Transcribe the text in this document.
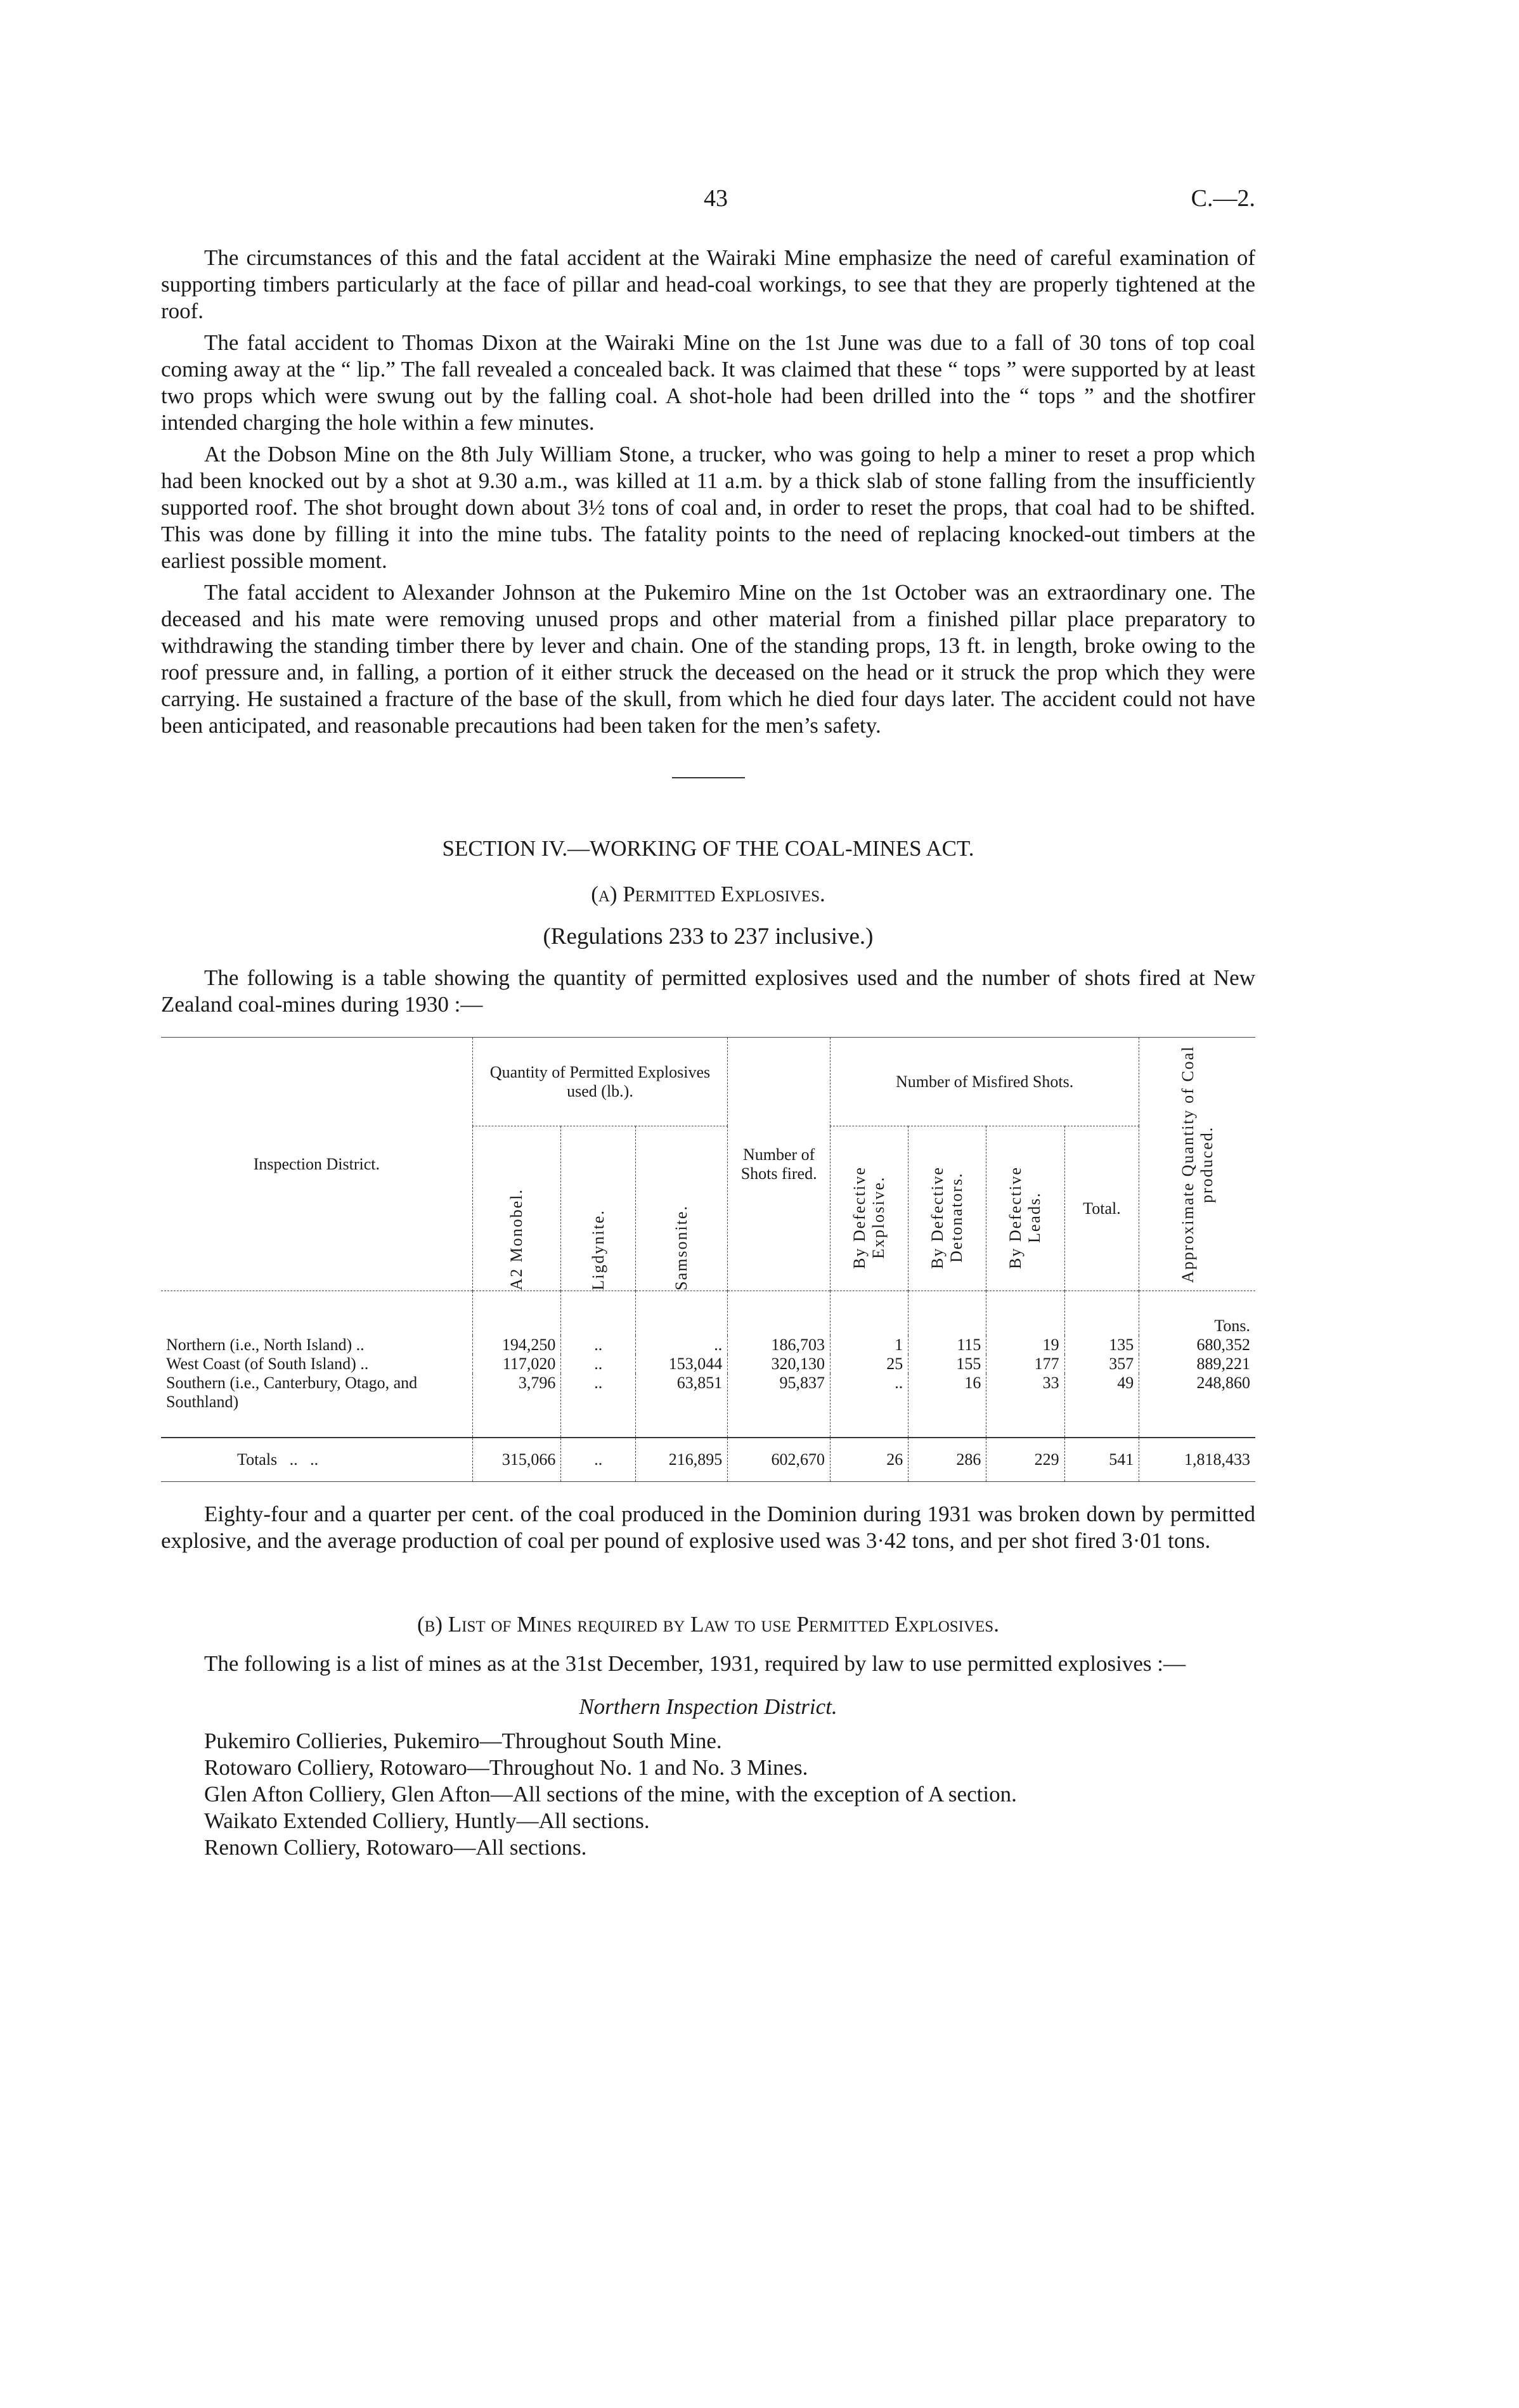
43	C.—2.

The circumstances of this and the fatal accident at the Wairaki Mine emphasize the need of careful examination of supporting timbers particularly at the face of pillar and head-coal workings, to see that they are properly tightened at the roof.

The fatal accident to Thomas Dixon at the Wairaki Mine on the 1st June was due to a fall of 30 tons of top coal coming away at the “ lip.” The fall revealed a concealed back. It was claimed that these “ tops ” were supported by at least two props which were swung out by the falling coal. A shot-hole had been drilled into the “ tops ” and the shotfirer intended charging the hole within a few minutes.

At the Dobson Mine on the 8th July William Stone, a trucker, who was going to help a miner to reset a prop which had been knocked out by a shot at 9.30 a.m., was killed at 11 a.m. by a thick slab of stone falling from the insufficiently supported roof. The shot brought down about 3½ tons of coal and, in order to reset the props, that coal had to be shifted. This was done by filling it into the mine tubs. The fatality points to the need of replacing knocked-out timbers at the earliest possible moment.

The fatal accident to Alexander Johnson at the Pukemiro Mine on the 1st October was an extraordinary one. The deceased and his mate were removing unused props and other material from a finished pillar place preparatory to withdrawing the standing timber there by lever and chain. One of the standing props, 13 ft. in length, broke owing to the roof pressure and, in falling, a portion of it either struck the deceased on the head or it struck the prop which they were carrying. He sustained a fracture of the base of the skull, from which he died four days later. The accident could not have been anticipated, and reasonable precautions had been taken for the men’s safety.

SECTION IV.—WORKING OF THE COAL-MINES ACT.

(a) Permitted Explosives.

(Regulations 233 to 237 inclusive.)

The following is a table showing the quantity of permitted explosives used and the number of shots fired at New Zealand coal-mines during 1930 :—

Inspection District.	Quantity of Permitted Explosives used (lb.).			Number of Shots fired.	Number of Misfired Shots.				Approximate Quantity of Coal produced.

	A2 Monobel.	Ligdynite.	Samsonite.		By Defective Explosive.	By Defective Detonators.	By Defective Leads.	Total.	
									Tons.
Northern (i.e., North Island) ..	194,250	..	..	186,703	1	115	19	135	680,352
West Coast (of South Island) ..	117,020	..	153,044	320,130	25	155	177	357	889,221
Southern (i.e., Canterbury, Otago, and Southland)	3,796	..	63,851	95,837	..	16	33	49	248,860
Totals   ..   ..	315,066	..	216,895	602,670	26	286	229	541	1,818,433

Eighty-four and a quarter per cent. of the coal produced in the Dominion during 1931 was broken down by permitted explosive, and the average production of coal per pound of explosive used was 3·42 tons, and per shot fired 3·01 tons.

(b) List of Mines required by Law to use Permitted Explosives.

The following is a list of mines as at the 31st December, 1931, required by law to use permitted explosives :—

Northern Inspection District.

Pukemiro Collieries, Pukemiro—Throughout South Mine.
Rotowaro Colliery, Rotowaro—Throughout No. 1 and No. 3 Mines.
Glen Afton Colliery, Glen Afton—All sections of the mine, with the exception of A section.
Waikato Extended Colliery, Huntly—All sections.
Renown Colliery, Rotowaro—All sections.
